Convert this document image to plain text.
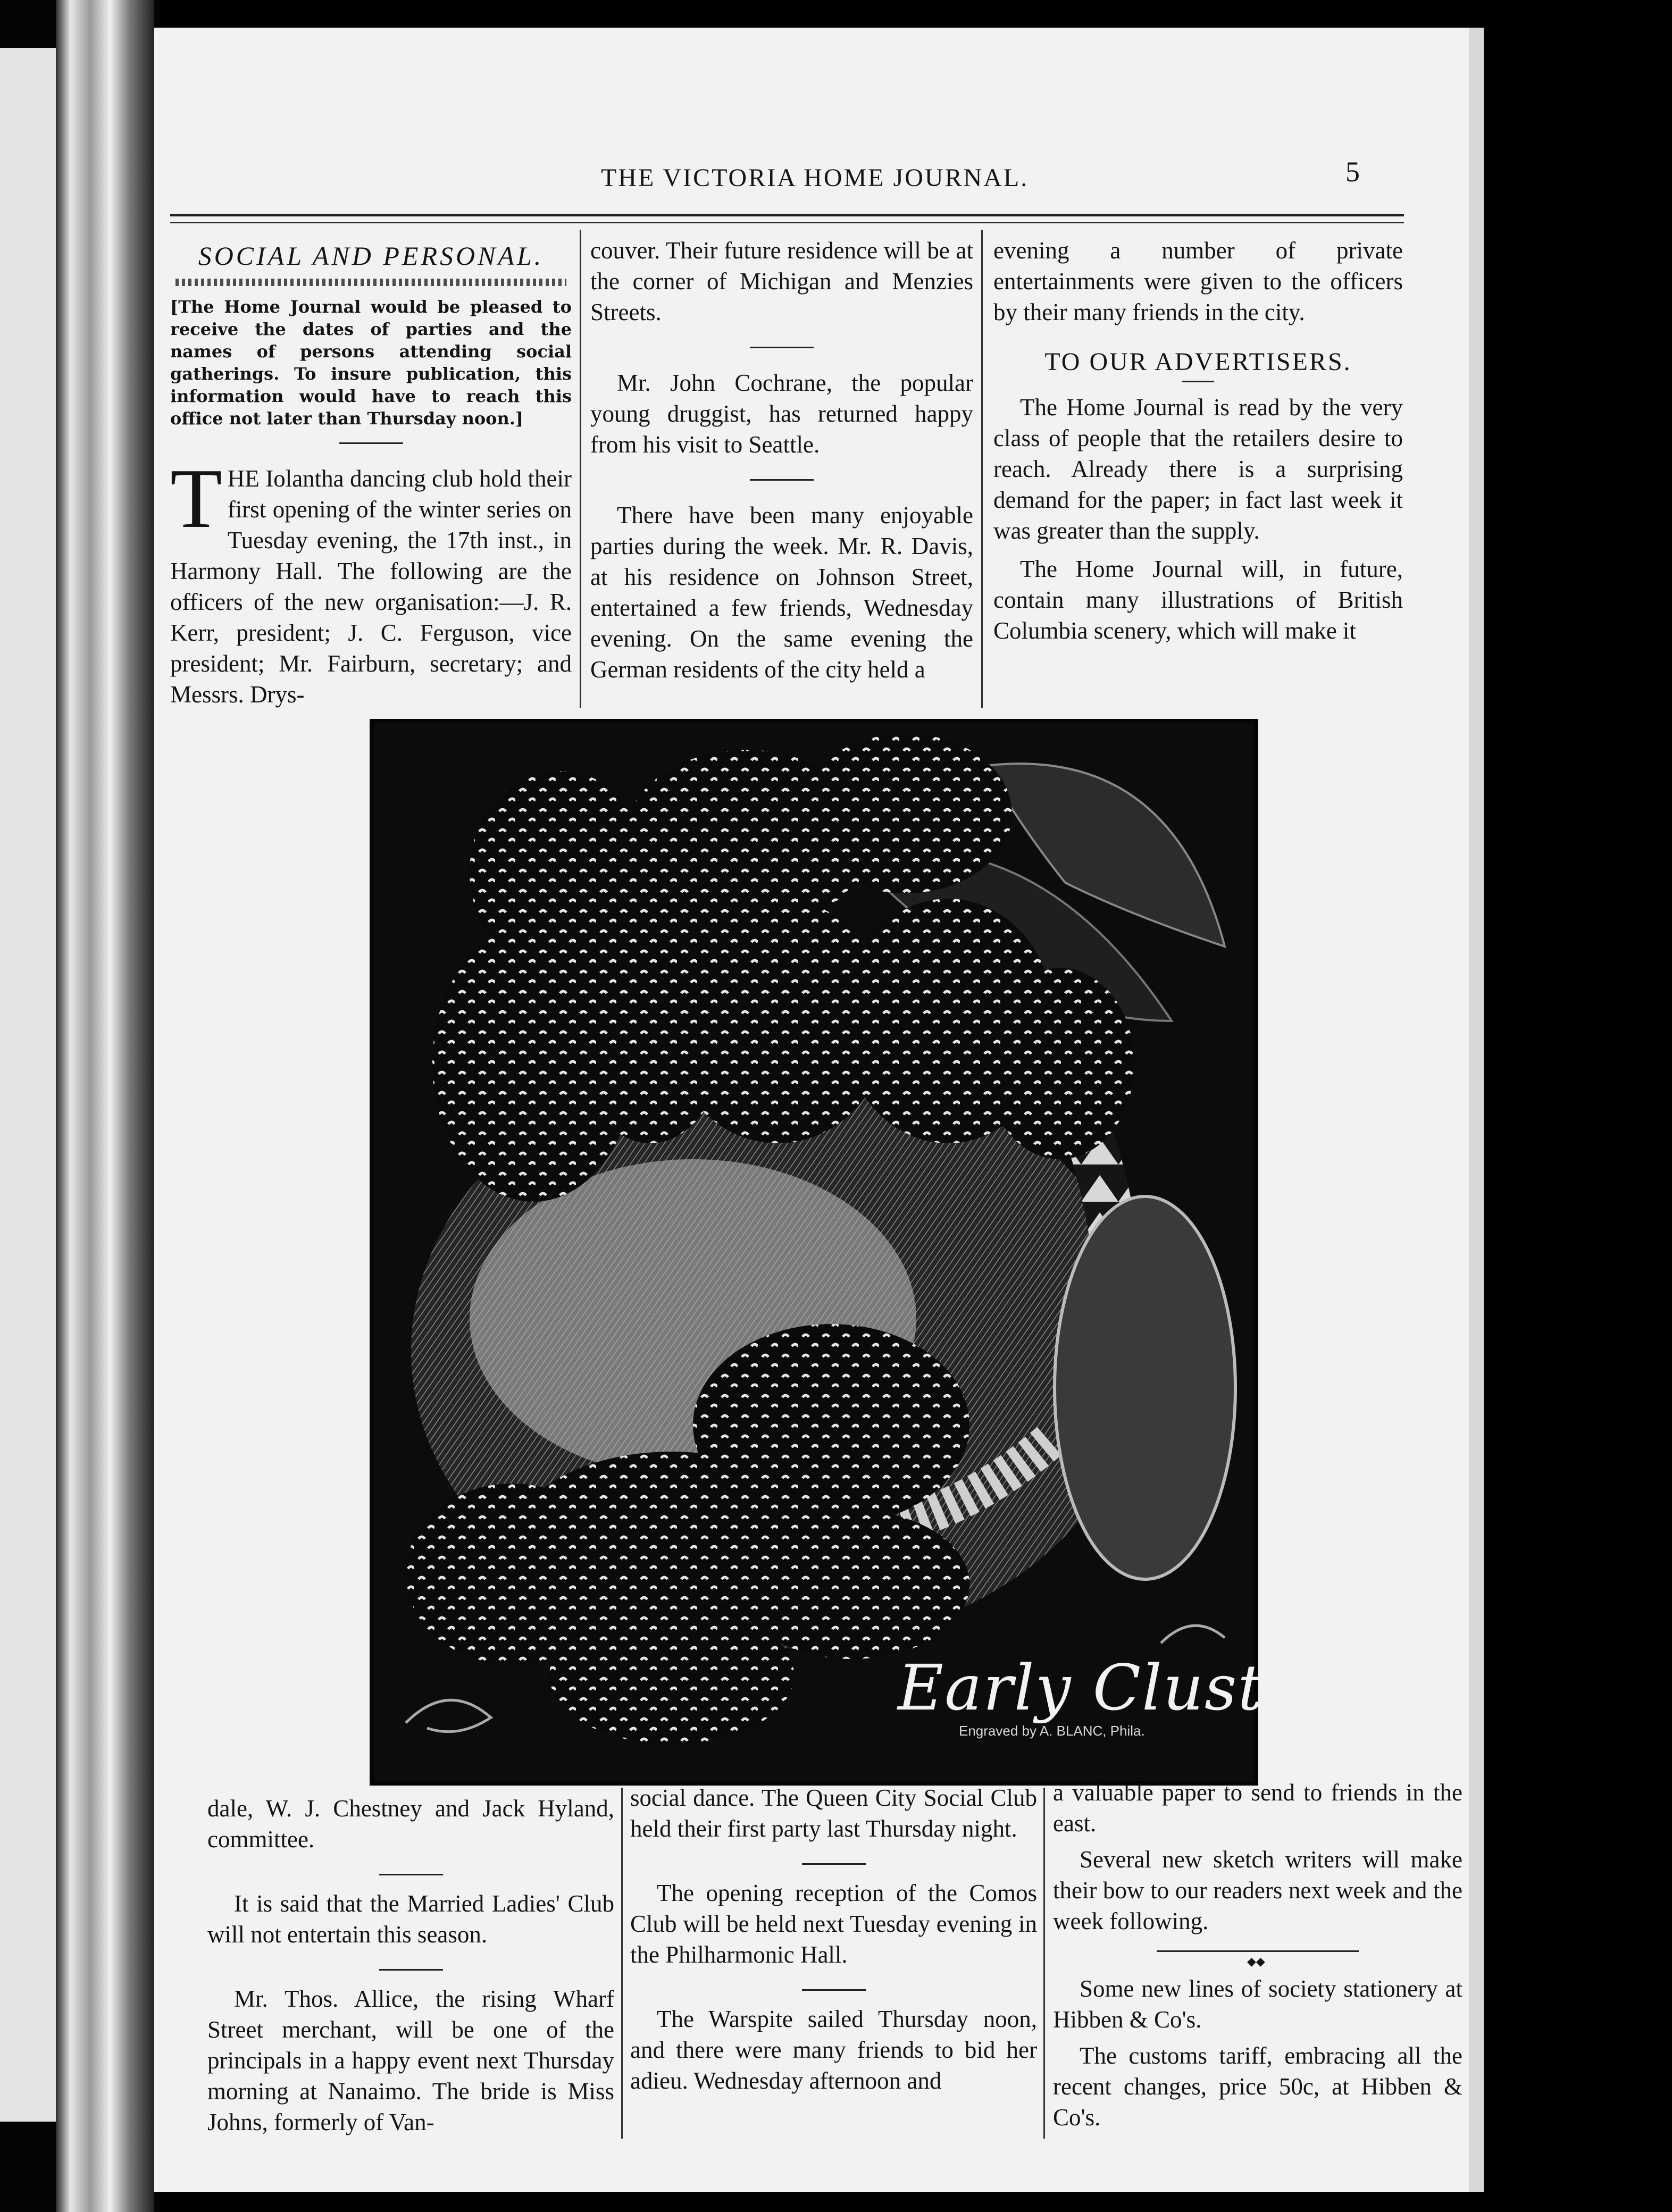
THE VICTORIA HOME JOURNAL.	5
SOCIAL AND PERSONAL.
[The Home Journal would be pleased to receive the dates of parties and the names of persons attending social gatherings. To insure publication, this information would have to reach this office not later than Thursday noon.]
T HE Iolantha dancing club hold their first opening of the winter series on Tuesday evening, the 17th inst., in Harmony Hall. The following are the officers of the new organisation:—J. R. Kerr, president; J. C. Ferguson, vice president; Mr. Fairburn, secretary; and Messrs. Drys-

couver. Their future residence will be at the corner of Michigan and Menzies Streets.

Mr. John Cochrane, the popular young druggist, has returned happy from his visit to Seattle.

There have been many enjoyable parties during the week. Mr. R. Davis, at his residence on Johnson Street, entertained a few friends, Wednesday evening. On the same evening the German residents of the city held a

evening a number of private entertainments were given to the officers by their many friends in the city.

TO OUR ADVERTISERS.

The Home Journal is read by the very class of people that the retailers desire to reach. Already there is a surprising demand for the paper; in fact last week it was greater than the supply.

The Home Journal will, in future, contain many illustrations of British Columbia scenery, which will make it

Early Cluster.
Engraved by A. BLANC, Phila.

dale, W. J. Chestney and Jack Hyland, committee.

It is said that the Married Ladies' Club will not entertain this season.

Mr. Thos. Allice, the rising Wharf Street merchant, will be one of the principals in a happy event next Thursday morning at Nanaimo. The bride is Miss Johns, formerly of Van-

social dance. The Queen City Social Club held their first party last Thursday night.

The opening reception of the Comos Club will be held next Tuesday evening in the Philharmonic Hall.

The Warspite sailed Thursday noon, and there were many friends to bid her adieu. Wednesday afternoon and

a valuable paper to send to friends in the east.

Several new sketch writers will make their bow to our readers next week and the week following.

◆◆

Some new lines of society stationery at Hibben & Co's.

The customs tariff, embracing all the recent changes, price 50c, at Hibben & Co's.
